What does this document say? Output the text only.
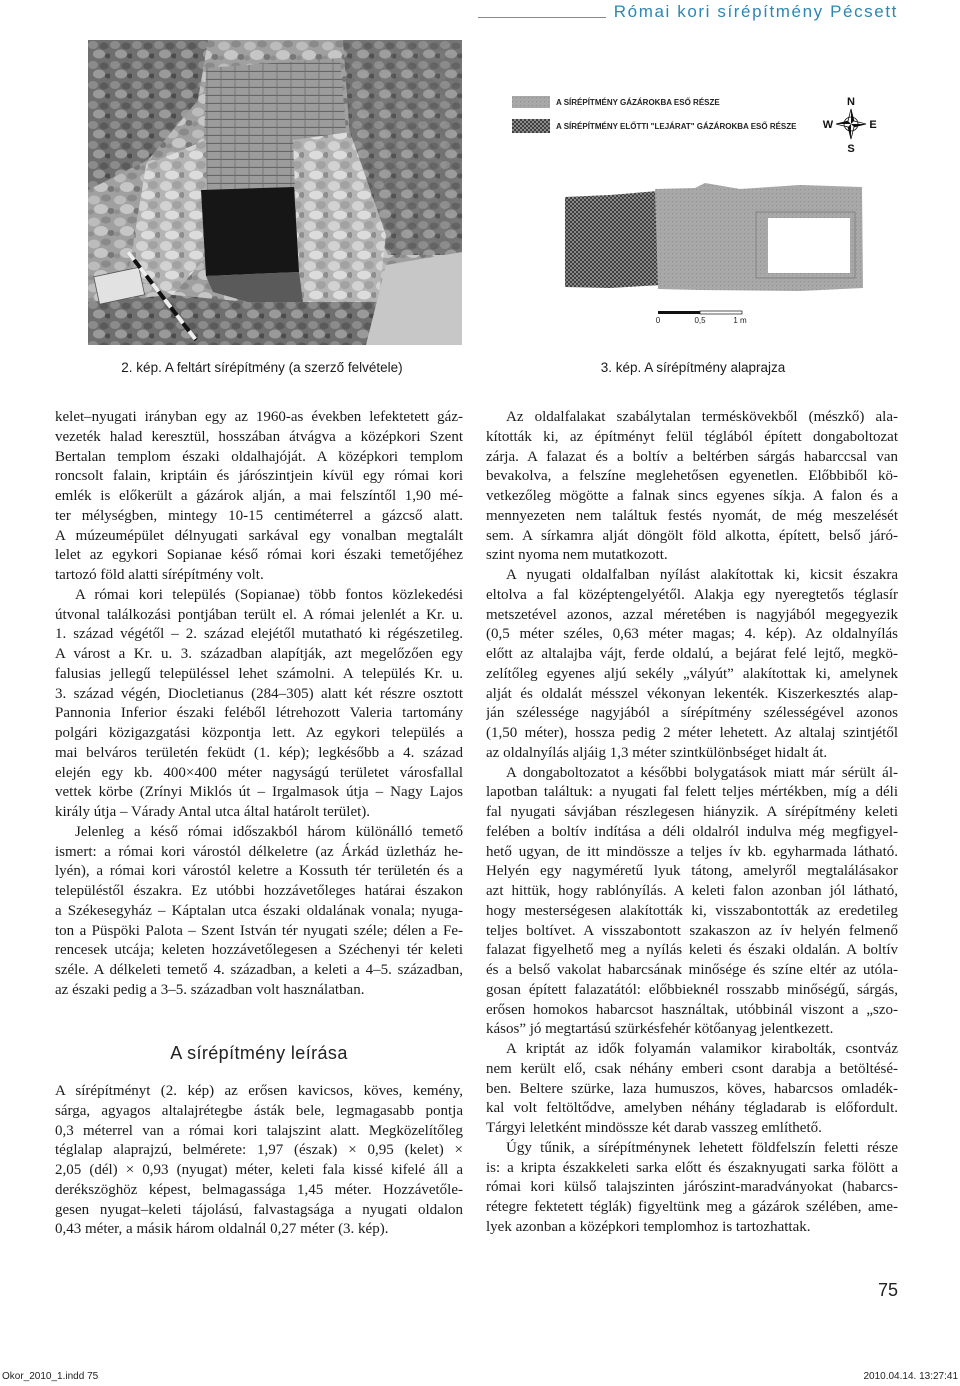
Római kori sírépítmény Pécsett
2. kép. A feltárt sírépítmény (a szerző felvétele)
A SÍRÉPÍTMÉNY GÁZÁROKBA ESŐ RÉSZE
A SÍRÉPÍTMÉNY ELŐTTI "LEJÁRAT" GÁZÁROKBA ESŐ RÉSZE
N
S
W	E
0	0,5	1 m
3. kép. A sírépítmény alaprajza
kelet–nyugati irányban egy az 1960-as években lefektetett gáz-
vezeték halad keresztül, hosszában átvágva a középkori Szent
Bertalan templom északi oldalhajóját. A középkori templom
roncsolt falain, kriptáin és járószintjein kívül egy római kori
emlék is előkerült a gázárok alján, a mai felszíntől 1,90 mé-
ter mélységben, mintegy 10-15 centiméterrel a gázcső alatt.
A múzeumépület délnyugati sarkával egy vonalban megtalált
lelet az egykori Sopianae késő római kori északi temetőjéhez
tartozó föld alatti sírépítmény volt.
A római kori település (Sopianae) több fontos közlekedési
útvonal találkozási pontjában terült el. A római jelenlét a Kr. u.
1. század végétől – 2. század elejétől mutatható ki régészetileg.
A várost a Kr. u. 3. században alapítják, azt megelőzően egy
falusias jellegű településsel lehet számolni. A település Kr. u.
3. század végén, Diocletianus (284–305) alatt két részre osztott
Pannonia Inferior északi feléből létrehozott Valeria tartomány
polgári közigazgatási központja lett. Az egykori település a
mai belváros területén feküdt (1. kép); legkésőbb a 4. század
elején egy kb. 400×400 méter nagyságú területet városfallal
vettek körbe (Zrínyi Miklós út – Irgalmasok útja – Nagy Lajos
király útja – Várady Antal utca által határolt terület).
Jelenleg a késő római időszakból három különálló temető
ismert: a római kori várostól délkeletre (az Árkád üzletház he-
lyén), a római kori várostól keletre a Kossuth tér területén és a
településtől északra. Ez utóbbi hozzávetőleges határai északon
a Székesegyház – Káptalan utca északi oldalának vonala; nyuga-
ton a Püspöki Palota – Szent István tér nyugati széle; délen a Fe-
rencesek utcája; keleten hozzávetőlegesen a Széchenyi tér keleti
széle. A délkeleti temető 4. században, a keleti a 4–5. században,
az északi pedig a 3–5. században volt használatban.
A sírépítmény leírása
A sírépítményt (2. kép) az erősen kavicsos, köves, kemény,
sárga, agyagos altalajrétegbe ásták bele, legmagasabb pontja
0,3 méterrel van a római kori talajszint alatt. Megközelítőleg
téglalap alaprajzú, belmérete: 1,97 (észak) × 0,95 (kelet) ×
2,05 (dél) × 0,93 (nyugat) méter, keleti fala kissé kifelé áll a
derékszöghöz képest, belmagassága 1,45 méter. Hozzávetőle-
gesen nyugat–keleti tájolású, falvastagsága a nyugati oldalon
0,43 méter, a másik három oldalnál 0,27 méter (3. kép).
Az oldalfalakat szabálytalan terméskövekből (mészkő) ala-
kították ki, az építményt felül téglából épített dongaboltozat
zárja. A falazat és a boltív a beltérben sárgás habarccsal van
bevakolva, a felszíne meglehetősen egyenetlen. Előbbiből kö-
vetkezőleg mögötte a falnak sincs egyenes síkja. A falon és a
mennyezeten nem találtuk festés nyomát, de még meszelését
sem. A sírkamra alját döngölt föld alkotta, épített, belső járó-
szint nyoma nem mutatkozott.
A nyugati oldalfalban nyílást alakítottak ki, kicsit északra
eltolva a fal középtengelyétől. Alakja egy nyeregtetős téglasír
metszetével azonos, azzal méretében is nagyjából megegyezik
(0,5 méter széles, 0,63 méter magas; 4. kép). Az oldalnyílás
előtt az altalajba vájt, ferde oldalú, a bejárat felé lejtő, megkö-
zelítőleg egyenes aljú sekély „vályút” alakítottak ki, amelynek
alját és oldalát mésszel vékonyan lekenték. Kiszerkesztés alap-
ján szélessége nagyjából a sírépítmény szélességével azonos
(1,50 méter), hossza pedig 2 méter lehetett. Az altalaj szintjétől
az oldalnyílás aljáig 1,3 méter szintkülönbséget hidalt át.
A dongaboltozatot a későbbi bolygatások miatt már sérült ál-
lapotban találtuk: a nyugati fal felett teljes mértékben, míg a déli
fal nyugati sávjában részlegesen hiányzik. A sírépítmény keleti
felében a boltív indítása a déli oldalról indulva még megfigyel-
hető ugyan, de itt mindössze a teljes ív kb. egyharmada látható.
Helyén egy nagyméretű lyuk tátong, amelyről megtalálásakor
azt hittük, hogy rablónyílás. A keleti falon azonban jól látható,
hogy mesterségesen alakították ki, visszabontották az eredetileg
teljes boltívet. A visszabontott szakaszon az ív helyén felmenő
falazat figyelhető meg a nyílás keleti és északi oldalán. A boltív
és a belső vakolat habarcsának minősége és színe eltér az utóla-
gosan épített falazatától: előbbieknél rosszabb minőségű, sárgás,
erősen homokos habarcsot használtak, utóbbinál viszont a „szo-
kásos” jó megtartású szürkésfehér kötőanyag jelentkezett.
A kriptát az idők folyamán valamikor kirabolták, csontváz
nem került elő, csak néhány emberi csont darabja a betöltésé-
ben. Beltere szürke, laza humuszos, köves, habarcsos omladék-
kal volt feltöltődve, amelyben néhány tégladarab is előfordult.
Tárgyi leletként mindössze két darab vasszeg említhető.
Úgy tűnik, a sírépítménynek lehetett földfelszín feletti része
is: a kripta északkeleti sarka előtt és északnyugati sarka fölött a
római kori külső talajszinten járószint-maradványokat (habarcs-
rétegre fektetett téglák) figyeltünk meg a gázárok szélében, ame-
lyek azonban a középkori templomhoz is tartozhattak.
75
Okor_2010_1.indd 75	2010.04.14. 13:27:41
